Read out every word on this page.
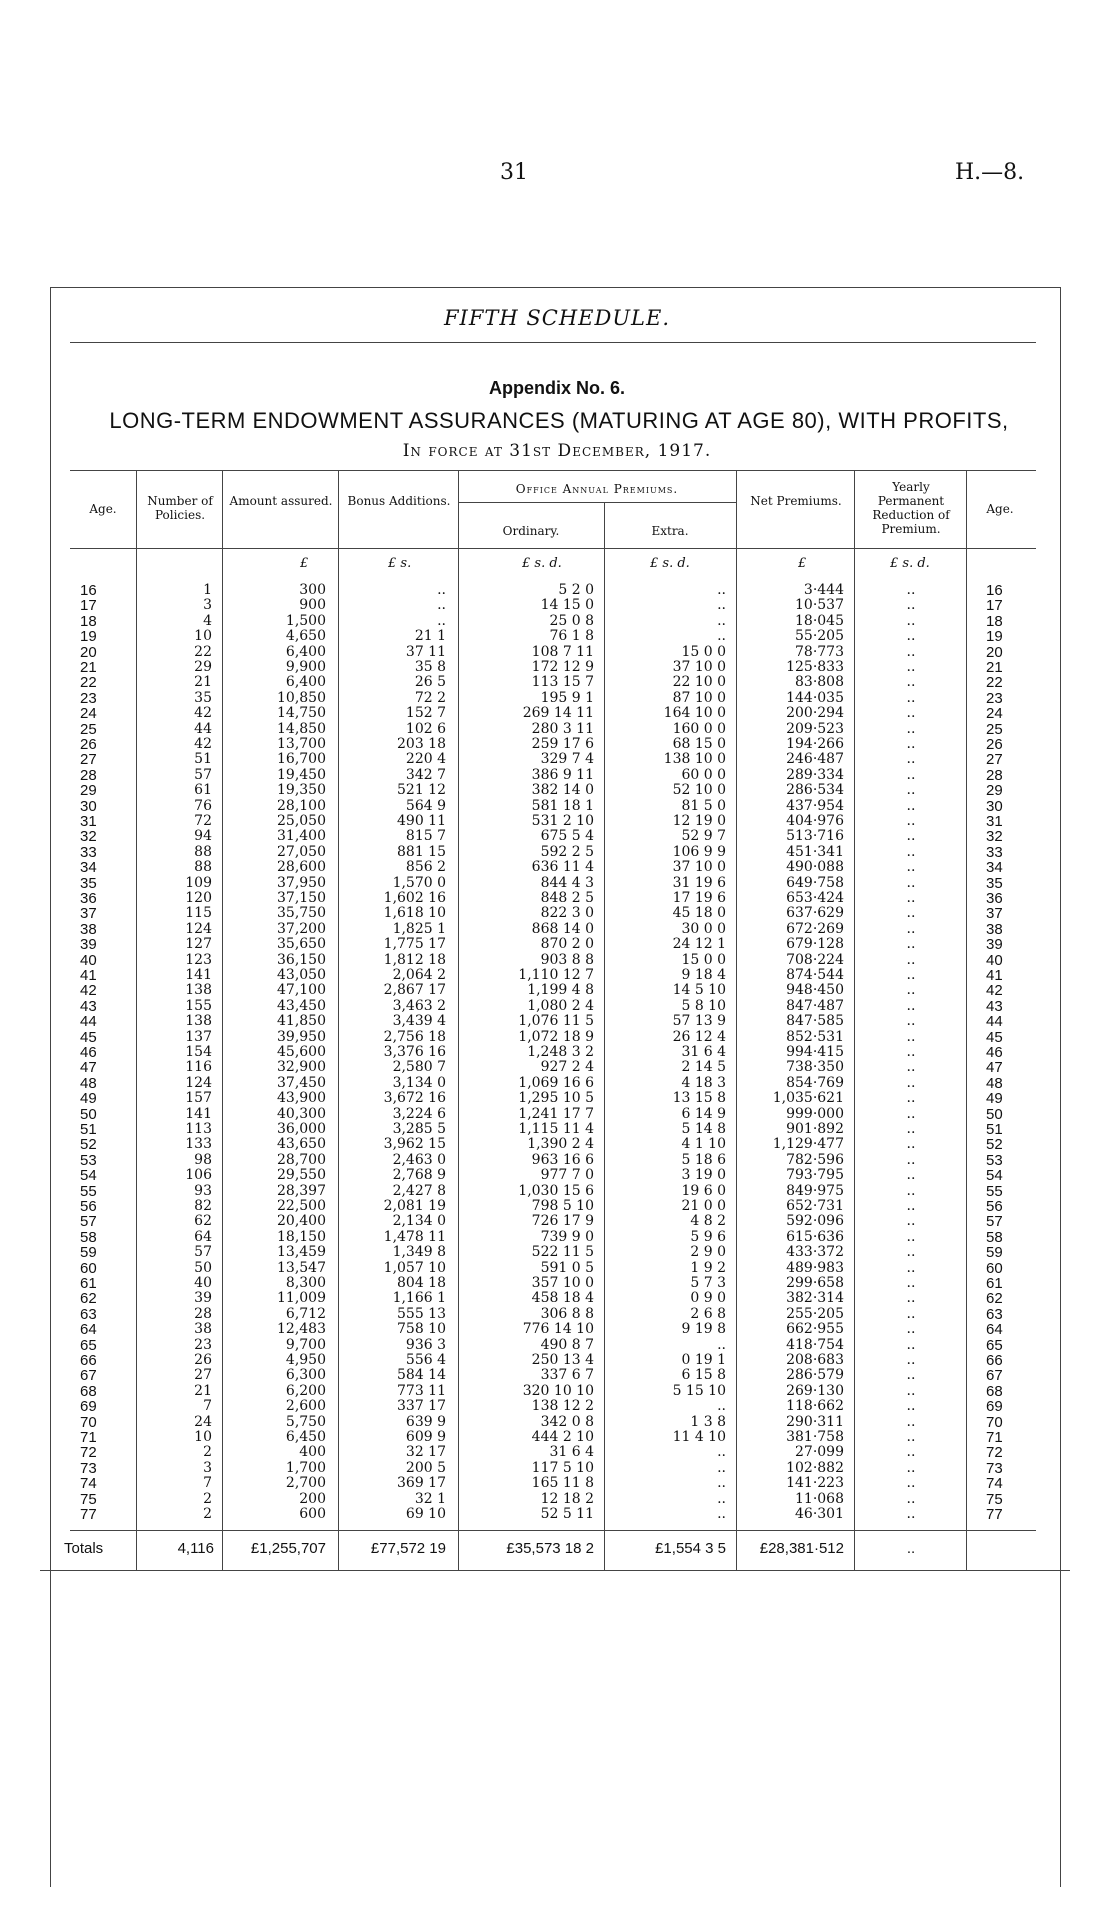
31	H.—8.
FIFTH SCHEDULE.
Appendix No. 6.
LONG-TERM ENDOWMENT ASSURANCES (MATURING AT AGE 80), WITH PROFITS,
In force at 31st December, 1917.
Age.
Number of Policies.
Amount assured.	Bonus Additions.
Office Annual Premiums.
Ordinary.	Extra.
Net Premiums.
Yearly Permanent Reduction of Premium.
Age.
£	£ s.	£ s. d.	£ s. d.	£	£ s. d.
16	1	300	..	5 2 0	..	3·444	..	16
17	3	900	..	14 15 0	..	10·537	..	17
18	4	1,500	..	25 0 8	..	18·045	..	18
19	10	4,650	21 1	76 1 8	..	55·205	..	19
20	22	6,400	37 11	108 7 11	15 0 0	78·773	..	20
21	29	9,900	35 8	172 12 9	37 10 0	125·833	..	21
22	21	6,400	26 5	113 15 7	22 10 0	83·808	..	22
23	35	10,850	72 2	195 9 1	87 10 0	144·035	..	23
24	42	14,750	152 7	269 14 11	164 10 0	200·294	..	24
25	44	14,850	102 6	280 3 11	160 0 0	209·523	..	25
26	42	13,700	203 18	259 17 6	68 15 0	194·266	..	26
27	51	16,700	220 4	329 7 4	138 10 0	246·487	..	27
28	57	19,450	342 7	386 9 11	60 0 0	289·334	..	28
29	61	19,350	521 12	382 14 0	52 10 0	286·534	..	29
30	76	28,100	564 9	581 18 1	81 5 0	437·954	..	30
31	72	25,050	490 11	531 2 10	12 19 0	404·976	..	31
32	94	31,400	815 7	675 5 4	52 9 7	513·716	..	32
33	88	27,050	881 15	592 2 5	106 9 9	451·341	..	33
34	88	28,600	856 2	636 11 4	37 10 0	490·088	..	34
35	109	37,950	1,570 0	844 4 3	31 19 6	649·758	..	35
36	120	37,150	1,602 16	848 2 5	17 19 6	653·424	..	36
37	115	35,750	1,618 10	822 3 0	45 18 0	637·629	..	37
38	124	37,200	1,825 1	868 14 0	30 0 0	672·269	..	38
39	127	35,650	1,775 17	870 2 0	24 12 1	679·128	..	39
40	123	36,150	1,812 18	903 8 8	15 0 0	708·224	..	40
41	141	43,050	2,064 2	1,110 12 7	9 18 4	874·544	..	41
42	138	47,100	2,867 17	1,199 4 8	14 5 10	948·450	..	42
43	155	43,450	3,463 2	1,080 2 4	5 8 10	847·487	..	43
44	138	41,850	3,439 4	1,076 11 5	57 13 9	847·585	..	44
45	137	39,950	2,756 18	1,072 18 9	26 12 4	852·531	..	45
46	154	45,600	3,376 16	1,248 3 2	31 6 4	994·415	..	46
47	116	32,900	2,580 7	927 2 4	2 14 5	738·350	..	47
48	124	37,450	3,134 0	1,069 16 6	4 18 3	854·769	..	48
49	157	43,900	3,672 16	1,295 10 5	13 15 8	1,035·621	..	49
50	141	40,300	3,224 6	1,241 17 7	6 14 9	999·000	..	50
51	113	36,000	3,285 5	1,115 11 4	5 14 8	901·892	..	51
52	133	43,650	3,962 15	1,390 2 4	4 1 10	1,129·477	..	52
53	98	28,700	2,463 0	963 16 6	5 18 6	782·596	..	53
54	106	29,550	2,768 9	977 7 0	3 19 0	793·795	..	54
55	93	28,397	2,427 8	1,030 15 6	19 6 0	849·975	..	55
56	82	22,500	2,081 19	798 5 10	21 0 0	652·731	..	56
57	62	20,400	2,134 0	726 17 9	4 8 2	592·096	..	57
58	64	18,150	1,478 11	739 9 0	5 9 6	615·636	..	58
59	57	13,459	1,349 8	522 11 5	2 9 0	433·372	..	59
60	50	13,547	1,057 10	591 0 5	1 9 2	489·983	..	60
61	40	8,300	804 18	357 10 0	5 7 3	299·658	..	61
62	39	11,009	1,166 1	458 18 4	0 9 0	382·314	..	62
63	28	6,712	555 13	306 8 8	2 6 8	255·205	..	63
64	38	12,483	758 10	776 14 10	9 19 8	662·955	..	64
65	23	9,700	936 3	490 8 7	..	418·754	..	65
66	26	4,950	556 4	250 13 4	0 19 1	208·683	..	66
67	27	6,300	584 14	337 6 7	6 15 8	286·579	..	67
68	21	6,200	773 11	320 10 10	5 15 10	269·130	..	68
69	7	2,600	337 17	138 12 2	..	118·662	..	69
70	24	5,750	639 9	342 0 8	1 3 8	290·311	..	70
71	10	6,450	609 9	444 2 10	11 4 10	381·758	..	71
72	2	400	32 17	31 6 4	..	27·099	..	72
73	3	1,700	200 5	117 5 10	..	102·882	..	73
74	7	2,700	369 17	165 11 8	..	141·223	..	74
75	2	200	32 1	12 18 2	..	11·068	..	75
77	2	600	69 10	52 5 11	..	46·301	..	77
Totals	4,116	£1,255,707	£77,572 19	£35,573 18 2	£1,554 3 5	£28,381·512	..
